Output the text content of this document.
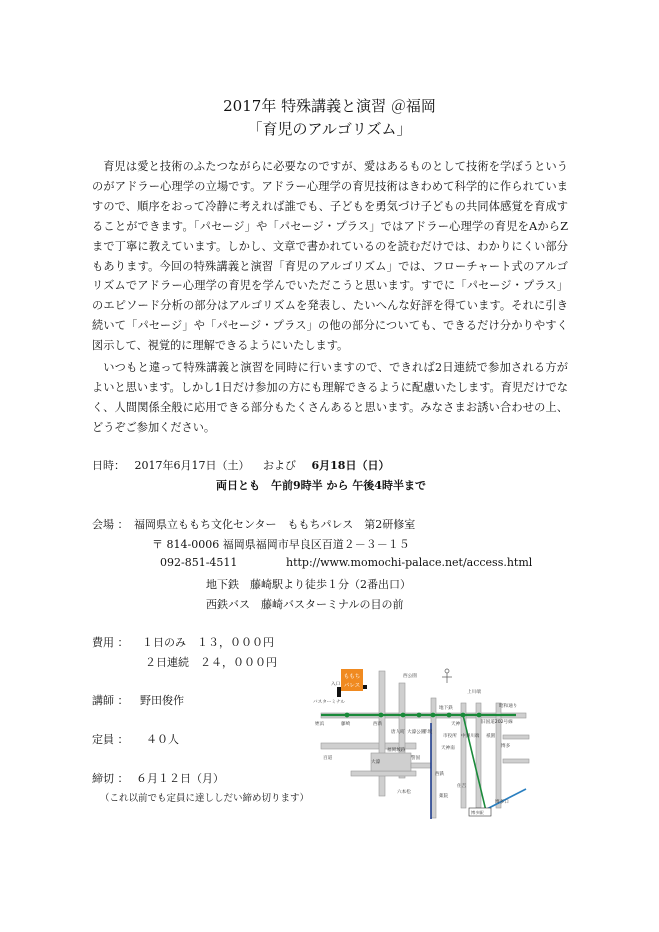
2017年 特殊講義と演習 ＠福岡
「育児のアルゴリズム」
育児は愛と技術のふたつながらに必要なのですが、愛はあるものとして技術を学ぼうというのがアドラー心理学の立場です。アドラー心理学の育児技術はきわめて科学的に作られていますので、順序をおって冷静に考えれば誰でも、子どもを勇気づけ子どもの共同体感覚を育成することができます。「パセージ」や「パセージ・プラス」ではアドラー心理学の育児をAからZまで丁寧に教えています。しかし、文章で書かれているのを読むだけでは、わかりにくい部分もあります。今回の特殊講義と演習「育児のアルゴリズム」では、フローチャート式のアルゴリズムでアドラー心理学の育児を学んでいただこうと思います。すでに「パセージ・プラス」のエピソード分析の部分はアルゴリズムを発表し、たいへんな好評を得ています。それに引き続いて「パセージ」や「パセージ・プラス」の他の部分についても、できるだけ分かりやすく図示して、視覚的に理解できるようにいたします。
いつもと違って特殊講義と演習を同時に行いますので、できれば2日連続で参加される方がよいと思います。しかし1日だけ参加の方にも理解できるように配慮いたします。育児だけでなく、人間関係全般に応用できる部分もたくさんあると思います。みなさまお誘い合わせの上、どうぞご参加ください。
日時： 2017年6月17日（土） および 6月18日（日）
両日とも　午前9時半 から 午後4時半まで
会場 ： 福岡県立ももち文化センター　ももちパレス　第2研修室
〒 814-0006 福岡県福岡市早良区百道２－３－１５
092-851-4511	http://www.momochi-palace.net/access.html
地下鉄　藤崎駅より徒歩１分（2番出口）
西鉄バス　藤崎バスターミナルの目の前
費用 ： １日のみ　１３，０００円
２日連続　２４，０００円
講師 ： 野田俊作
定員 ： ４０人
締切 ： ６月１２日（月）
（これ以前でも定員に達ししだい締め切ります）
ももち
パレス
入口
バスターミナル
藤崎	西新
地下鉄	昭和通り
旧国道202号線
博多駅
姪浜	天神
中洲川端 祇園
博多
六本松
唐人町 大濠公園
赤坂
西鉄
西公園
薬院
警固
百道
大濠
福岡城跡	天神南
市役所
上川端
住吉
博多口
